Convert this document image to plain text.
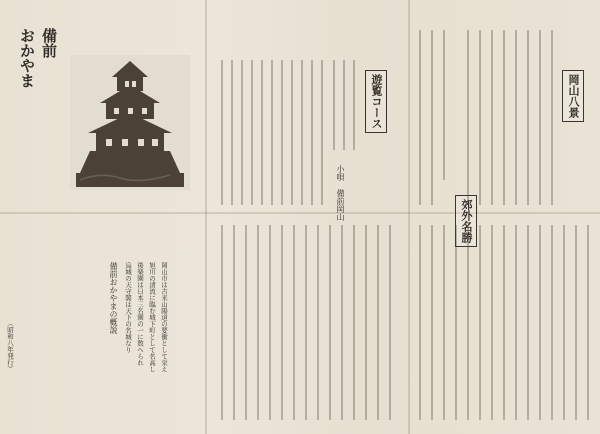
おかやま 備前
（昭和八年発行）
備前おかやまの概説	岡山市は古来山陽道の要衝として栄え
旭川の清流に臨む城下町として名高し
後楽園は日本三名園の一に数へられ
烏城の天守閣は天下の名城なり
遊覧コース
小唄　備前岡山
岡山八景
郊外名勝
